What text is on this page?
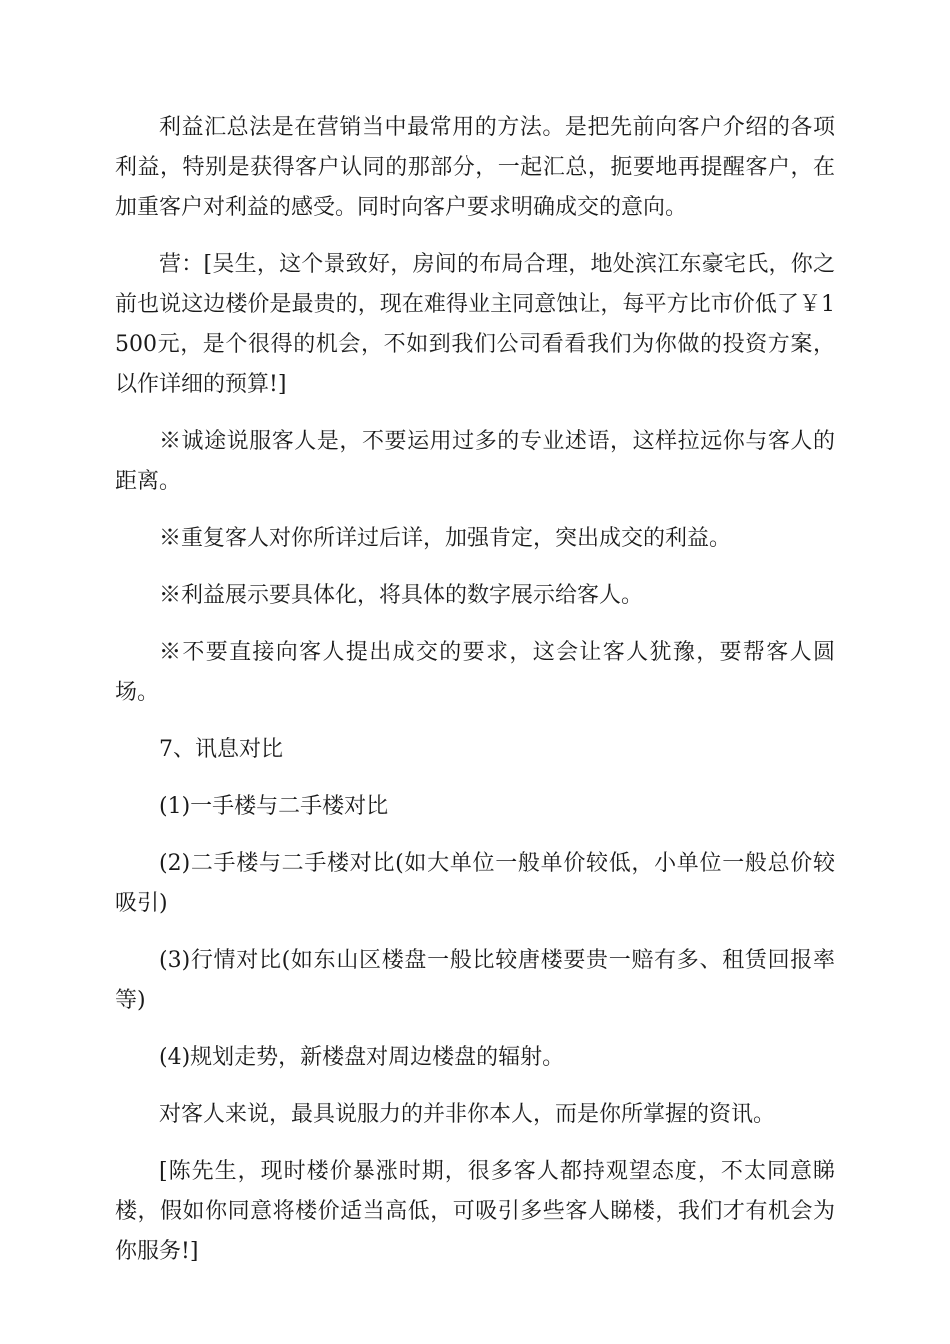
利益汇总法是在营销当中最常用的方法。是把先前向客户介绍的各项利益，特别是获得客户认同的那部分，一起汇总，扼要地再提醒客户，在加重客户对利益的感受。同时向客户要求明确成交的意向。

营：[吴生，这个景致好，房间的布局合理，地处滨江东豪宅氏，你之前也说这边楼价是最贵的，现在难得业主同意蚀让，每平方比市价低了￥1500元，是个很得的机会，不如到我们公司看看我们为你做的投资方案，以作详细的预算!]

※诚途说服客人是，不要运用过多的专业述语，这样拉远你与客人的距离。

※重复客人对你所详过后详，加强肯定，突出成交的利益。

※利益展示要具体化，将具体的数字展示给客人。

※不要直接向客人提出成交的要求，这会让客人犹豫，要帮客人圆场。

7、讯息对比

(1)一手楼与二手楼对比

(2)二手楼与二手楼对比(如大单位一般单价较低，小单位一般总价较吸引)

(3)行情对比(如东山区楼盘一般比较唐楼要贵一赔有多、租赁回报率等)

(4)规划走势，新楼盘对周边楼盘的辐射。

对客人来说，最具说服力的并非你本人，而是你所掌握的资讯。

[陈先生，现时楼价暴涨时期，很多客人都持观望态度，不太同意睇楼，假如你同意将楼价适当高低，可吸引多些客人睇楼，我们才有机会为你服务!]
